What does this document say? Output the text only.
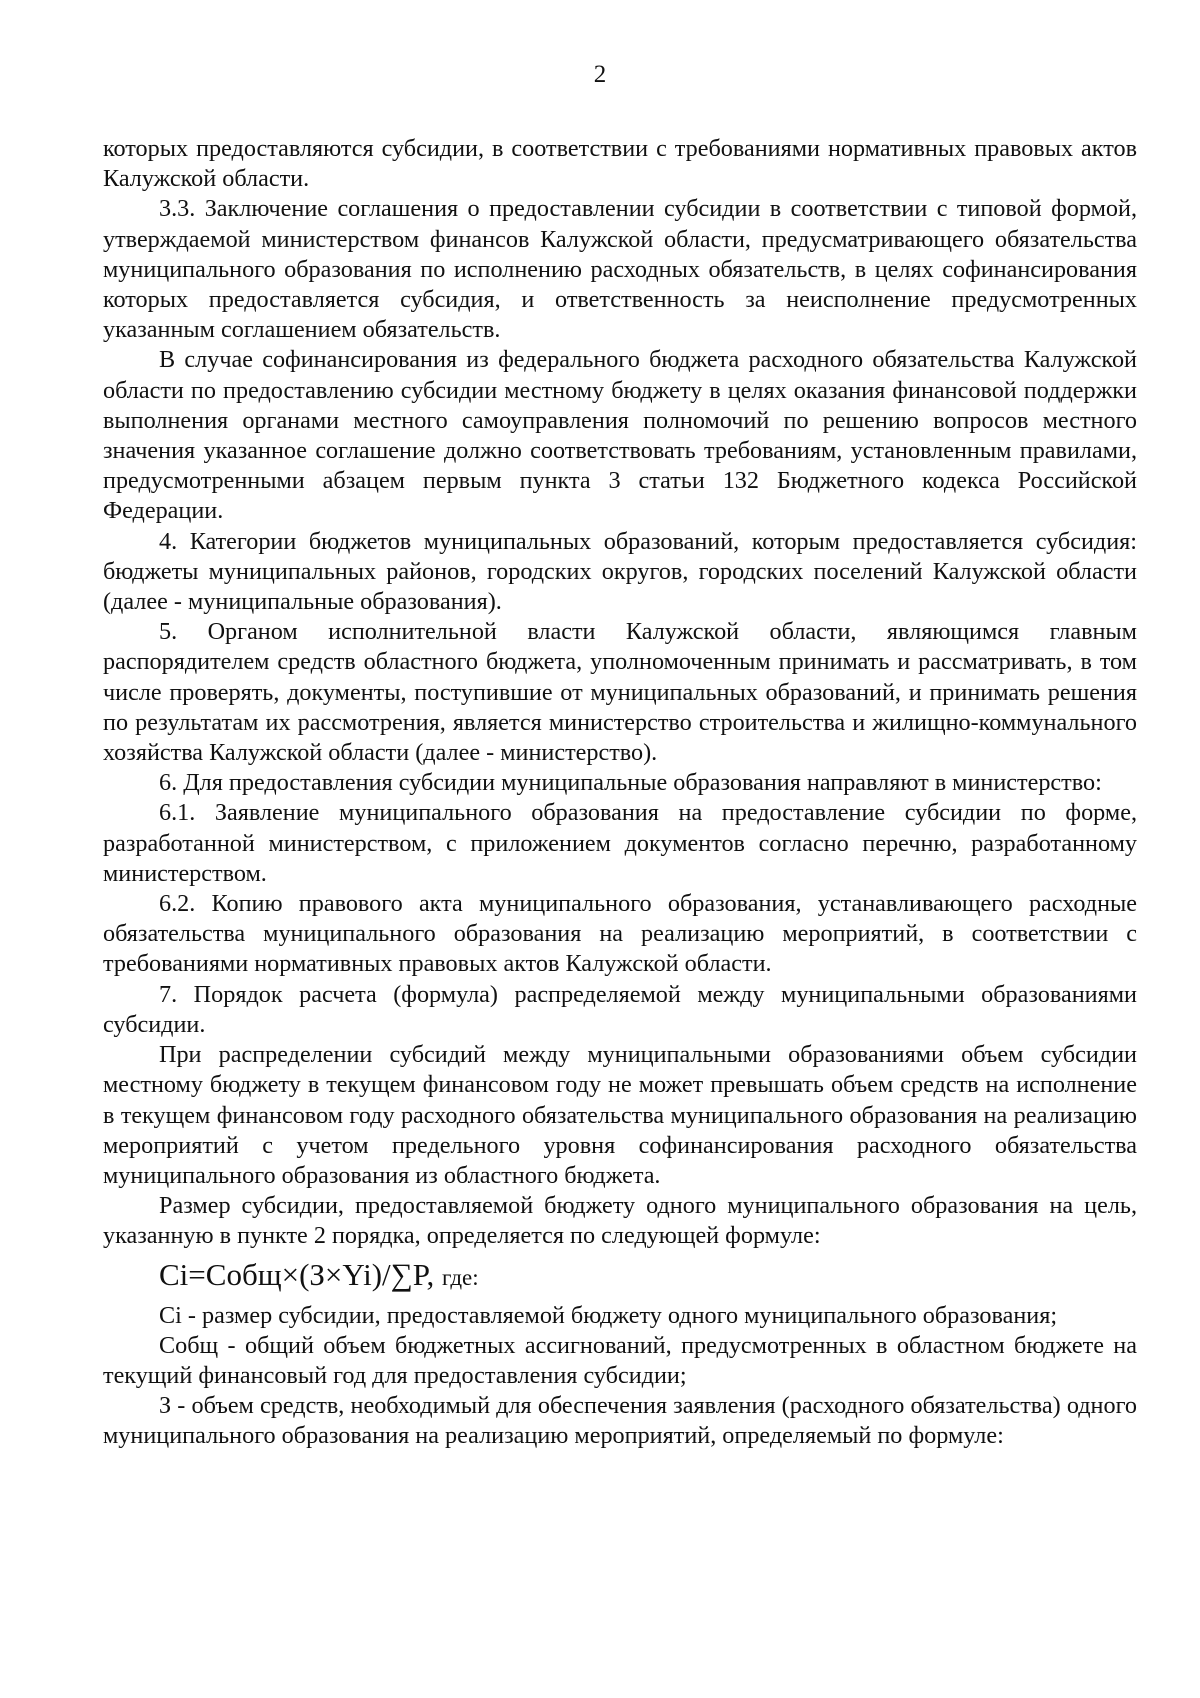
2

которых предоставляются субсидии, в соответствии с требованиями нормативных правовых актов Калужской области.

3.3. Заключение соглашения о предоставлении субсидии в соответствии с типовой формой, утверждаемой министерством финансов Калужской области, предусматривающего обязательства муниципального образования по исполнению расходных обязательств, в целях софинансирования которых предоставляется субсидия, и ответственность за неисполнение предусмотренных указанным соглашением обязательств.

В случае софинансирования из федерального бюджета расходного обязательства Калужской области по предоставлению субсидии местному бюджету в целях оказания финансовой поддержки выполнения органами местного самоуправления полномочий по решению вопросов местного значения указанное соглашение должно соответствовать требованиям, установленным правилами, предусмотренными абзацем первым пункта 3 статьи 132 Бюджетного кодекса Российской Федерации.

4. Категории бюджетов муниципальных образований, которым предоставляется субсидия: бюджеты муниципальных районов, городских округов, городских поселений Калужской области (далее - муниципальные образования).

5. Органом исполнительной власти Калужской области, являющимся главным распорядителем средств областного бюджета, уполномоченным принимать и рассматривать, в том числе проверять, документы, поступившие от муниципальных образований, и принимать решения по результатам их рассмотрения, является министерство строительства и жилищно-коммунального хозяйства Калужской области (далее - министерство).

6. Для предоставления субсидии муниципальные образования направляют в министерство:

6.1. Заявление муниципального образования на предоставление субсидии по форме, разработанной министерством, с приложением документов согласно перечню, разработанному министерством.

6.2. Копию правового акта муниципального образования, устанавливающего расходные обязательства муниципального образования на реализацию мероприятий, в соответствии с требованиями нормативных правовых актов Калужской области.

7. Порядок расчета (формула) распределяемой между муниципальными образованиями субсидии.

При распределении субсидий между муниципальными образованиями объем субсидии местному бюджету в текущем финансовом году не может превышать объем средств на исполнение в текущем финансовом году расходного обязательства муниципального образования на реализацию мероприятий с учетом предельного уровня софинансирования расходного обязательства муниципального образования из областного бюджета.

Размер субсидии, предоставляемой бюджету одного муниципального образования на цель, указанную в пункте 2 порядка, определяется по следующей формуле:

Ci=Cобщ×(З×Yi)/∑P, где:

Ci - размер субсидии, предоставляемой бюджету одного муниципального образования;

Cобщ - общий объем бюджетных ассигнований, предусмотренных в областном бюджете на текущий финансовый год для предоставления субсидии;

З - объем средств, необходимый для обеспечения заявления (расходного обязательства) одного муниципального образования на реализацию мероприятий, определяемый по формуле:
